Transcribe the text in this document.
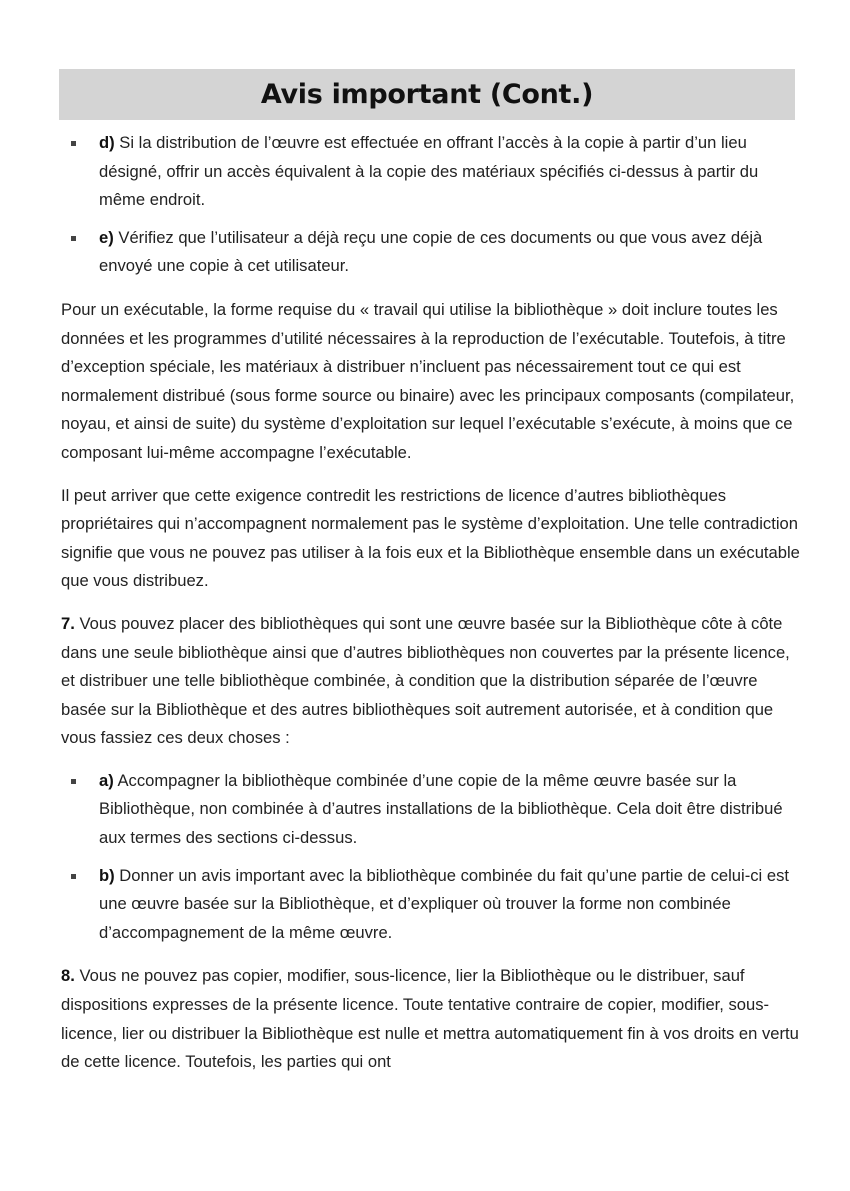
Avis important (Cont.)
d) Si la distribution de l’œuvre est effectuée en offrant l’accès à la copie à partir d’un lieu désigné, offrir un accès équivalent à la copie des matériaux spécifiés ci-dessus à partir du même endroit.
e) Vérifiez que l’utilisateur a déjà reçu une copie de ces documents ou que vous avez déjà envoyé une copie à cet utilisateur.

Pour un exécutable, la forme requise du « travail qui utilise la bibliothèque » doit inclure toutes les données et les programmes d’utilité nécessaires à la reproduction de l’exécutable. Toutefois, à titre d’exception spéciale, les matériaux à distribuer n’incluent pas nécessairement tout ce qui est normalement distribué (sous forme source ou binaire) avec les principaux composants (compilateur, noyau, et ainsi de suite) du système d’exploitation sur lequel l’exécutable s’exécute, à moins que ce composant lui-même accompagne l’exécutable.

Il peut arriver que cette exigence contredit les restrictions de licence d’autres bibliothèques propriétaires qui n’accompagnent normalement pas le système d’exploitation. Une telle contradiction signifie que vous ne pouvez pas utiliser à la fois eux et la Bibliothèque ensemble dans un exécutable que vous distribuez.

7. Vous pouvez placer des bibliothèques qui sont une œuvre basée sur la Bibliothèque côte à côte dans une seule bibliothèque ainsi que d’autres bibliothèques non couvertes par la présente licence, et distribuer une telle bibliothèque combinée, à condition que la distribution séparée de l’œuvre basée sur la Bibliothèque et des autres bibliothèques soit autrement autorisée, et à condition que vous fassiez ces deux choses :

a) Accompagner la bibliothèque combinée d’une copie de la même œuvre basée sur la Bibliothèque, non combinée à d’autres installations de la bibliothèque. Cela doit être distribué aux termes des sections ci-dessus.
b) Donner un avis important avec la bibliothèque combinée du fait qu’une partie de celui-ci est une œuvre basée sur la Bibliothèque, et d’expliquer où trouver la forme non combinée d’accompagnement de la même œuvre.

8. Vous ne pouvez pas copier, modifier, sous-licence, lier la Bibliothèque ou le distribuer, sauf dispositions expresses de la présente licence. Toute tentative contraire de copier, modifier, sous-licence, lier ou distribuer la Bibliothèque est nulle et mettra automatiquement fin à vos droits en vertu de cette licence. Toutefois, les parties qui ont
